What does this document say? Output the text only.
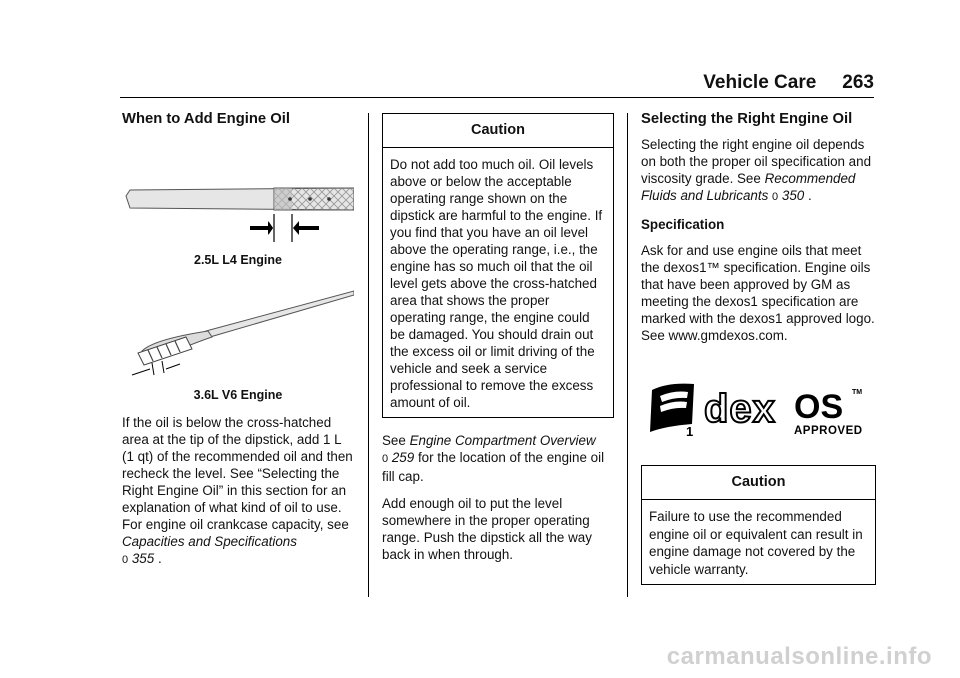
Vehicle Care 263
When to Add Engine Oil
2.5L L4 Engine
3.6L V6 Engine

If the oil is below the cross-hatched area at the tip of the dipstick, add 1 L (1 qt) of the recommended oil and then recheck the level. See “Selecting the Right Engine Oil” in this section for an explanation of what kind of oil to use. For engine oil crankcase capacity, see Capacities and Specifications
0 355 .

Caution
Do not add too much oil. Oil levels above or below the acceptable operating range shown on the dipstick are harmful to the engine. If you find that you have an oil level above the operating range, i.e., the engine has so much oil that the oil level gets above the cross-hatched area that shows the proper operating range, the engine could be damaged. You should drain out the excess oil or limit driving of the vehicle and seek a service professional to remove the excess amount of oil.

See Engine Compartment Overview
0 259 for the location of the engine oil fill cap.

Add enough oil to put the level somewhere in the proper operating range. Push the dipstick all the way back in when through.

Selecting the Right Engine Oil

Selecting the right engine oil depends on both the proper oil specification and viscosity grade. See Recommended Fluids and Lubricants 0 350 .

Specification

Ask for and use engine oils that meet the dexos1™ specification. Engine oils that have been approved by GM as meeting the dexos1 specification are marked with the dexos1 approved logo. See www.gmdexos.com.

1
dex OS TM
APPROVED
Caution
Failure to use the recommended engine oil or equivalent can result in engine damage not covered by the vehicle warranty.
carmanualsonline.info
